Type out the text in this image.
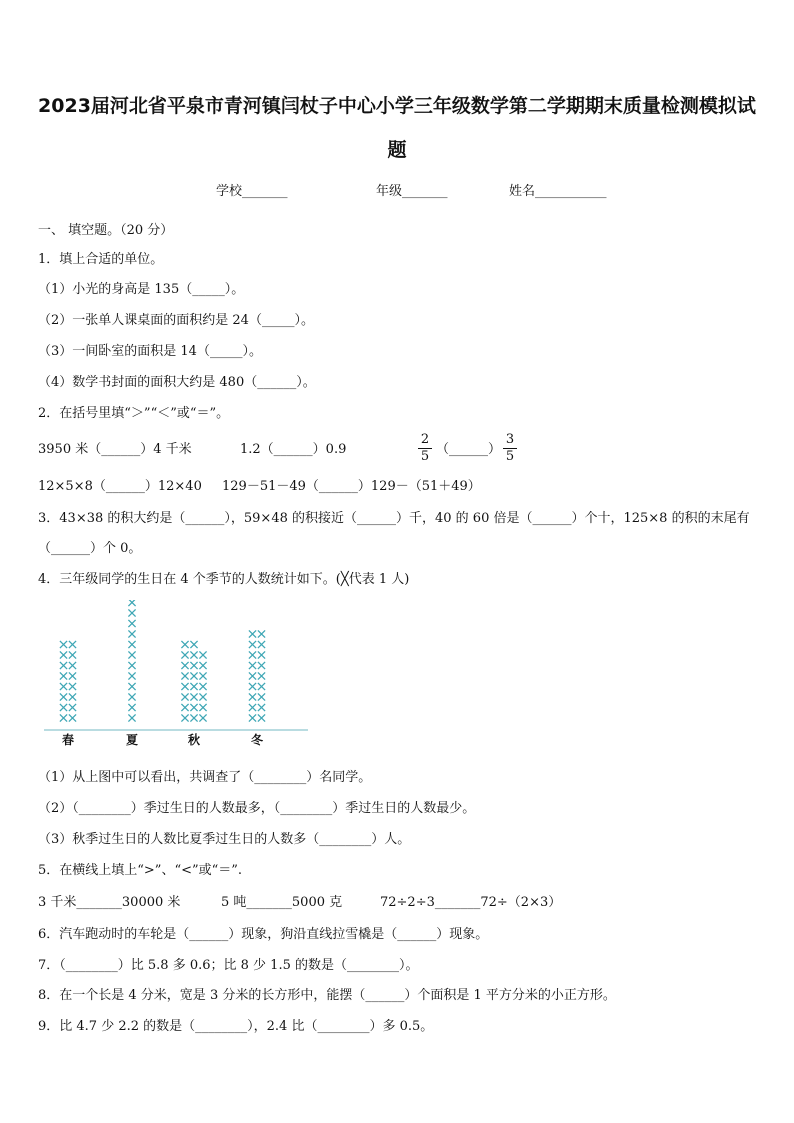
2023届河北省平泉市青河镇闫杖子中心小学三年级数学第二学期期末质量检测模拟试题
学校_______	年级_______	姓名___________
一、 填空题。（20 分）
1．填上合适的单位。
（1）小光的身高是 135（_____）。
（2）一张单人课桌面的面积约是 24（_____）。
（3）一间卧室的面积是 14（_____）。
（4）数学书封面的面积大约是 480（______）。
2．在括号里填“＞”“＜”或“＝”。
3950 米（______）4 千米	1.2（______）0.9	$\frac{2}{5}$ （______） $\frac{3}{5}$
12×5×8（______）12×40 129－51－49（______）129－（51＋49）
3．43×38 的积大约是（______），59×48 的积接近（______）千，40 的 60 倍是（______）个十，125×8 的积的末尾有
（______）个 0。
4．三年级同学的生日在 4 个季节的人数统计如下。(╳代表 1 人)
春	夏	秋	冬
（1）从上图中可以看出，共调查了（________）名同学。
（2）（________）季过生日的人数最多，（________）季过生日的人数最少。
（3）秋季过生日的人数比夏季过生日的人数多（________）人。
5．在横线上填上“>”、“<”或“＝”.
3 千米_______30000 米	5 吨_______5000 克	72÷2÷3_______72÷（2×3）
6．汽车跑动时的车轮是（______）现象，狗沿直线拉雪橇是（______）现象。
7．（________）比 5.8 多 0.6；比 8 少 1.5 的数是（________）。
8．在一个长是 4 分米，宽是 3 分米的长方形中，能摆（______）个面积是 1 平方分米的小正方形。
9．比 4.7 少 2.2 的数是（________），2.4 比（________）多 0.5。
